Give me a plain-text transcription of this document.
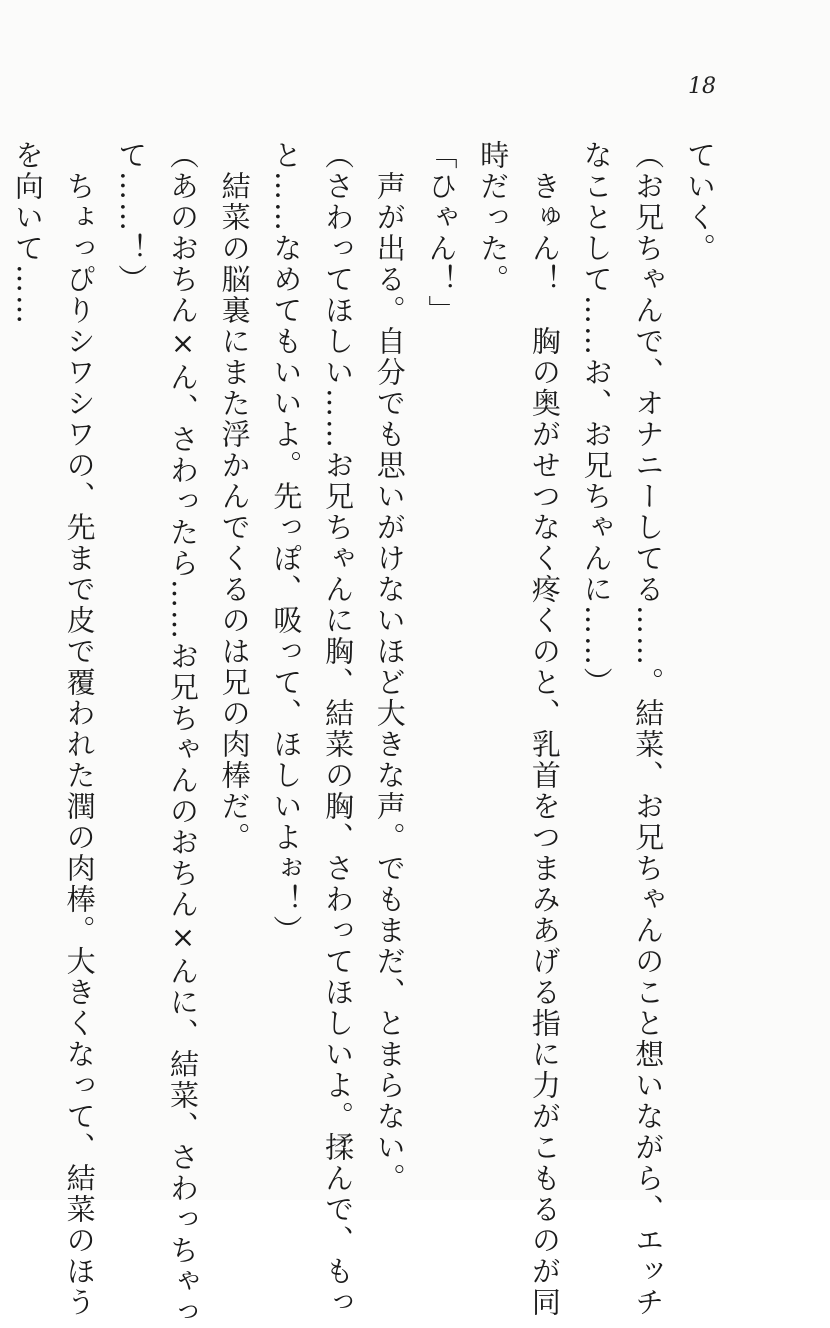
18

ていく。
（お兄ちゃんで、オナニーしてる……。結菜、お兄ちゃんのこと想いながら、エッチ
なことして……お、お兄ちゃんに……）
　きゅん！　胸の奥がせつなく疼くのと、乳首をつまみあげる指に力がこもるのが同
時だった。
「ひゃん！」
　声が出る。自分でも思いがけないほど大きな声。でもまだ、とまらない。
（さわってほしい……お兄ちゃんに胸、結菜の胸、さわってほしいよ。揉んで、もっ
と……なめてもいいよ。先っぽ、吸って、ほしいよぉ！）
　結菜の脳裏にまた浮かんでくるのは兄の肉棒だ。
（あのおちん×ん、さわったら……お兄ちゃんのおちん×んに、結菜、さわっちゃっ
て……！）
　ちょっぴりシワシワの、先まで皮で覆われた潤の肉棒。大きくなって、結菜のほう
を向いて……
